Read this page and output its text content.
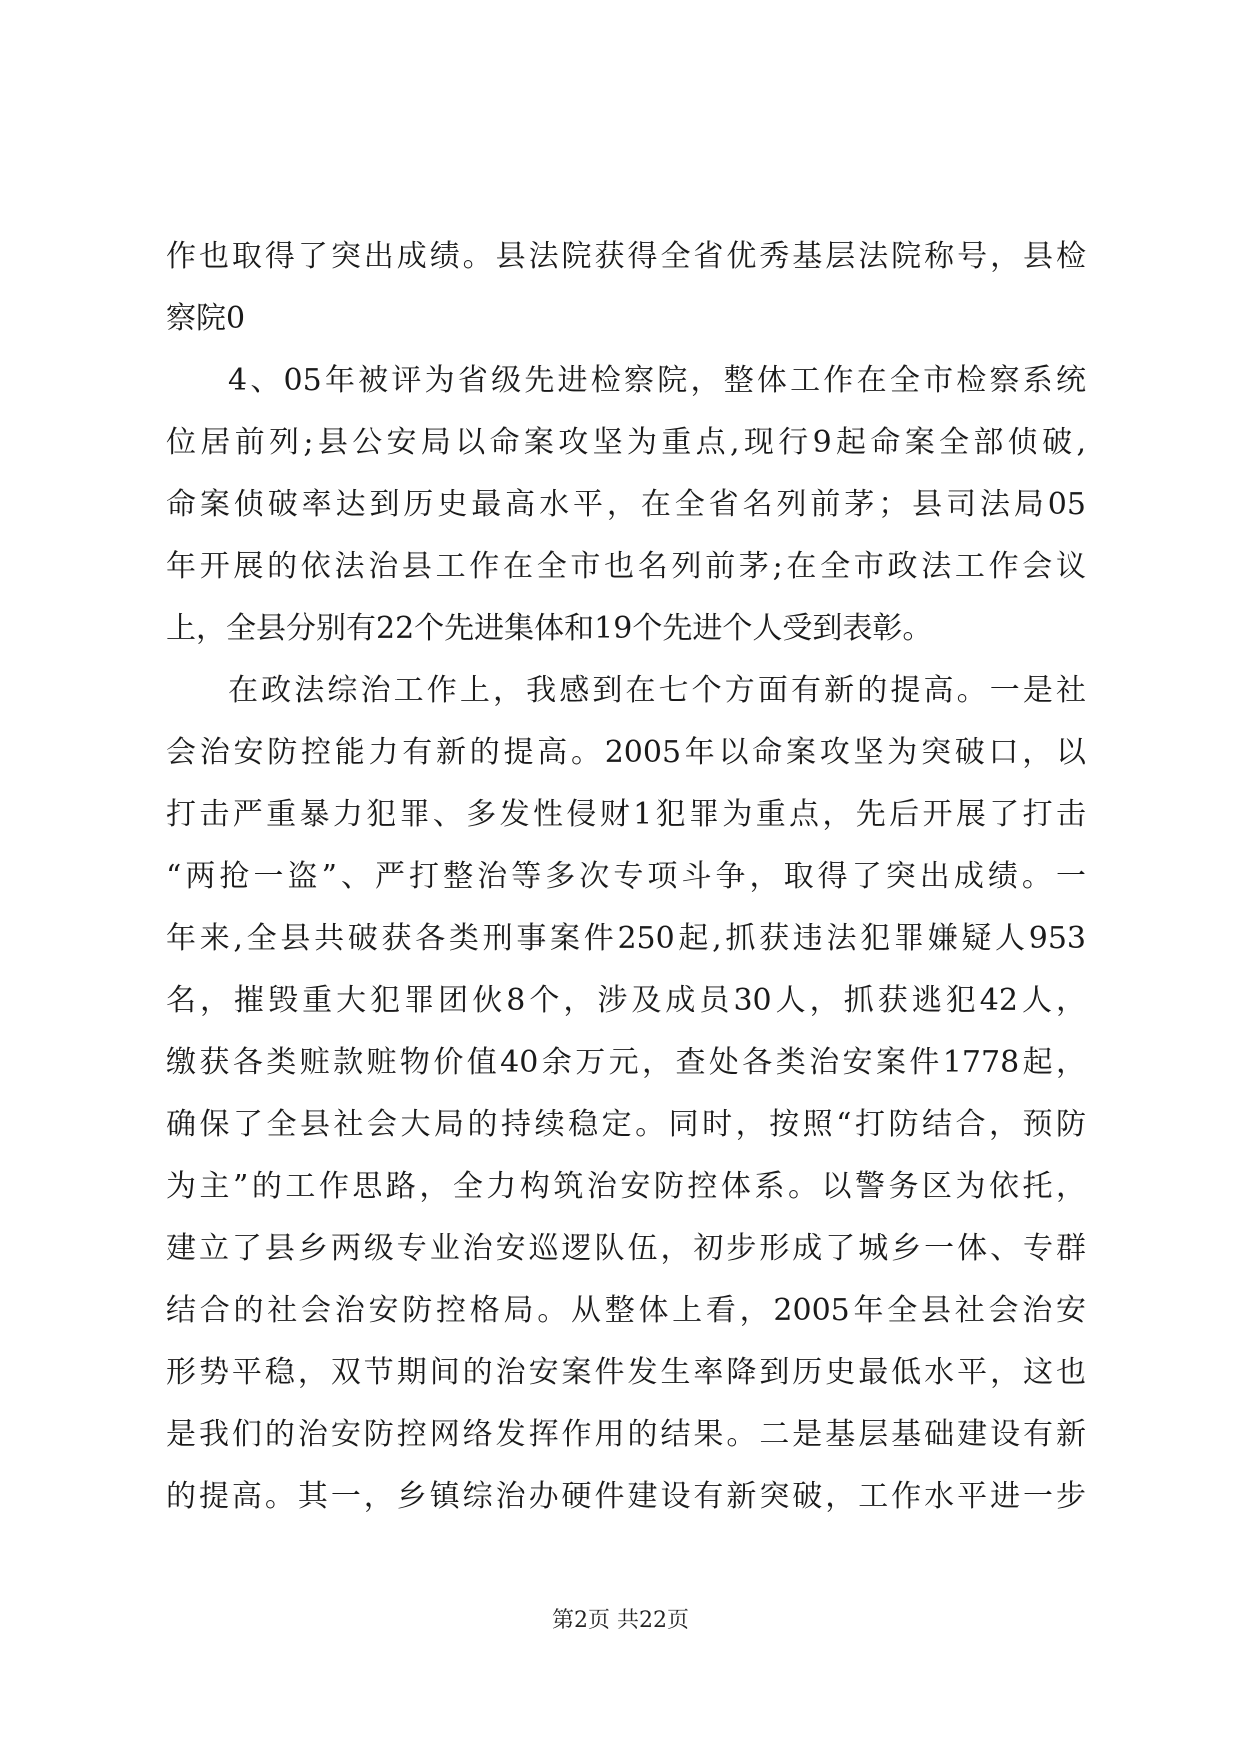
作也取得了突出成绩。县法院获得全省优秀基层法院称号，县检
察院0
4、05年被评为省级先进检察院，整体工作在全市检察系统
位居前列;县公安局以命案攻坚为重点,现行9起命案全部侦破,
命案侦破率达到历史最高水平，在全省名列前茅；县司法局05
年开展的依法治县工作在全市也名列前茅;在全市政法工作会议
上，全县分别有22个先进集体和19个先进个人受到表彰。
在政法综治工作上，我感到在七个方面有新的提高。一是社
会治安防控能力有新的提高。2005年以命案攻坚为突破口，以
打击严重暴力犯罪、多发性侵财1犯罪为重点，先后开展了打击
“两抢一盗”、严打整治等多次专项斗争，取得了突出成绩。一
年来,全县共破获各类刑事案件250起,抓获违法犯罪嫌疑人953
名，摧毁重大犯罪团伙8个，涉及成员30人，抓获逃犯42人，
缴获各类赃款赃物价值40余万元，查处各类治安案件1778起，
确保了全县社会大局的持续稳定。同时，按照“打防结合，预防
为主”的工作思路，全力构筑治安防控体系。以警务区为依托，
建立了县乡两级专业治安巡逻队伍，初步形成了城乡一体、专群
结合的社会治安防控格局。从整体上看，2005年全县社会治安
形势平稳，双节期间的治安案件发生率降到历史最低水平，这也
是我们的治安防控网络发挥作用的结果。二是基层基础建设有新
的提高。其一，乡镇综治办硬件建设有新突破，工作水平进一步
第2页 共22页
